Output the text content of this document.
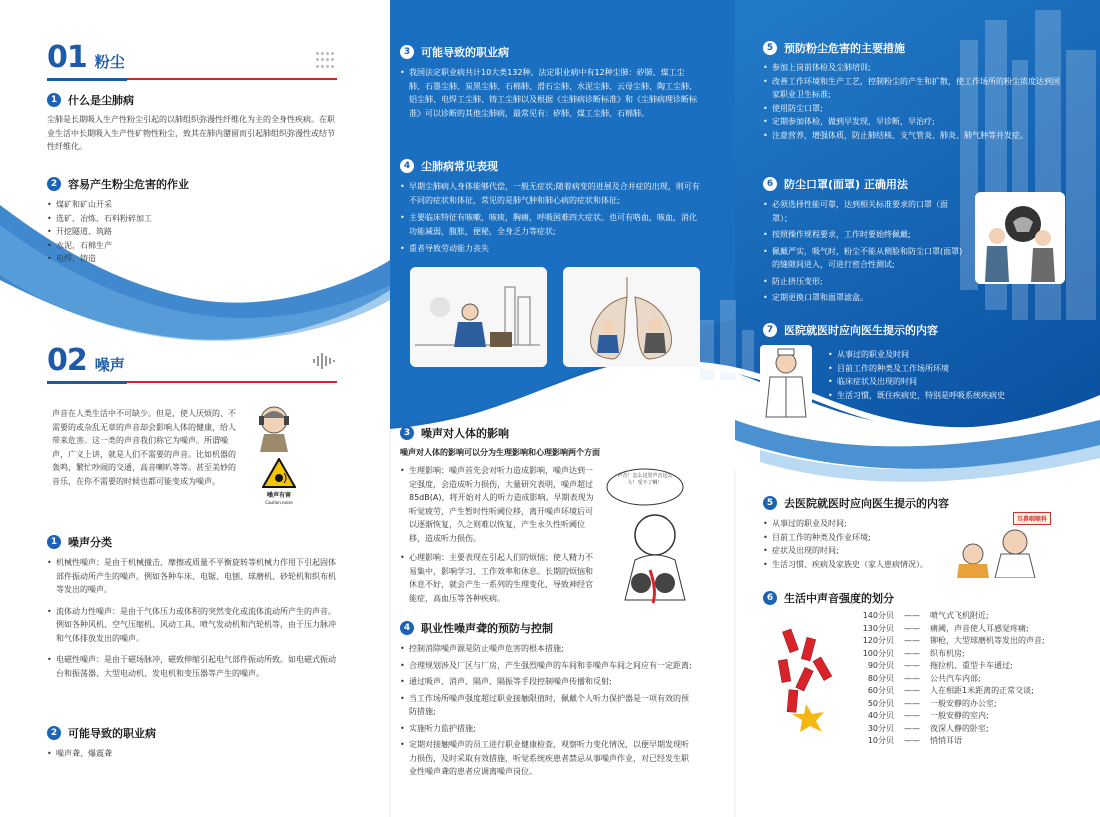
01 粉尘
1 什么是尘肺病

尘肺是长期吸入生产性粉尘引起的以肺组织弥漫性纤维化为主的全身性疾病。在职业生活中长期吸入生产性矿物性粉尘，致其在肺内潴留而引起肺组织弥漫性或结节性纤维化。

2 容易产生粉尘危害的作业
• 煤矿和矿山开采
• 选矿、冶炼、石料粉碎加工
• 开挖隧道、筑路
• 水泥，石棉生产
• 电焊，铸造
02 噪声

声音在人类生活中不可缺少。但是，使人厌烦的、不需要的或杂乱无章的声音却会影响人体的健康，给人带来危害。这一类的声音我们称它为噪声。所谓噪声，广义上讲，就是人们不需要的声音。比如机器的轰鸣，繁忙吵闹的交通，高音喇叭等等。甚至美妙的音乐，在你不需要的时候也都可能变成为噪声。

噪声有害
Caution,noise
1 噪声分类
• 机械性噪声：是由于机械撞击、摩擦或质量不平衡旋转等机械力作用下引起固体部件振动所产生的噪声。例如各种车床、电锯、电刨、球磨机、砂轮机和织布机等发出的噪声。
• 流体动力性噪声：是由于气体压力或体积的突然变化或流体流动所产生的声音。例如各种风机、空气压缩机、风动工具、喷气发动机和汽轮机等，由于压力脉冲和气体排放发出的噪声。
• 电磁性噪声：是由于磁场脉冲，磁致伸缩引起电气部件振动所致。如电磁式振动台和振荡器、大型电动机、发电机和变压器等产生的噪声。
2 可能导致的职业病
• 噪声聋、爆震聋
3 可能导致的职业病
• 我国法定职业病共计10大类132种。法定职业病中有12种尘肺：矽肺、煤工尘肺、石墨尘肺、炭黑尘肺、石棉肺、滑石尘肺、水泥尘肺、云母尘肺、陶工尘肺、铝尘肺、电焊工尘肺、铸工尘肺以及根据《尘肺病诊断标准》和《尘肺病理诊断标准》可以诊断的其他尘肺病，最常见有：矽肺、煤工尘肺、石棉肺。
4 尘肺病常见表现
• 早期尘肺病人身体能够代偿，一般无症状;随着病变的进展及合并症的出现，则可有不同的症状和体征，常见的是肺气肿和肺心病的症状和体征;
• 主要临床特征有咳嗽，咳痰，胸痛，呼吸困难四大症状。也可有咯血，咳血，消化功能减弱，腹胀，便秘，全身乏力等症状;
• 重者导致劳动能力丧失
3 噪声对人体的影响
噪声对人体的影响可以分为生理影响和心理影响两个方面
• 生理影响：噪声首先会对听力造成影响，噪声达到一定强度，会造成听力损伤，大量研究表明，噪声超过85dB(A)，将开始对人的听力造成影响。早期表现为听觉疲劳，产生暂时性听阈位移，离开噪声环境后可以逐渐恢复，久之则难以恢复，产生永久性听阈位移，造成听力损伤。
• 心理影响：主要表现在引起人们的烦恼；使人精力不易集中，影响学习、工作效率和休息。长期的烦恼和休息不好，就会产生一系列的生理变化，导致神经官能症，高血压等各种疾病。
声音！怎么这里声音这么大！受不了啊！
4 职业性噪声聋的预防与控制
• 控制消除噪声源是防止噪声危害的根本措施;
• 合理规划涉及厂区与厂房，产生强烈噪声的车间和非噪声车间之间应有一定距离;
• 通过吸声、消声、隔声、隔振等手段控制噪声传播和反射;
• 当工作场所噪声强度超过职业接触限值时，佩戴个人听力保护器是一项有效的预防措施;
• 实施听力监护措施;
• 定期对接触噪声的员工进行职业健康检查，观察听力变化情况，以便早期发现听力损伤，及时采取有效措施，听觉系统疾患者禁忌从事噪声作业，对已经发生职业性噪声聋的患者应调离噪声岗位。
5 预防粉尘危害的主要措施
• 参加上岗前体检及尘肺培训;
• 改善工作环境和生产工艺，控制粉尘的产生和扩散，使工作场所的粉尘浓度达到国家职业卫生标准;
• 使用防尘口罩;
• 定期参加体检，做到早发现，早诊断，早治疗;
• 注意营养，增强体质，防止肺结核、支气管炎、肺炎、肺气肿等并发症。
6 防尘口罩(面罩) 正确用法
• 必须选择性能可靠，达到相关标准要求的口罩（面罩）；
• 按照操作规程要求，工作时要始终佩戴;
• 佩戴严实，吸气时，粉尘不能从侧脸和防尘口罩(面罩)的缝隙间进入，可进行密合性测试;
• 防止挤压变形;
• 定期更换口罩和面罩滤盒。
7 医院就医时应向医生提示的内容
• 从事过的职业及时间
• 目前工作的种类及工作场所环境
• 临床症状及出现的时间
• 生活习惯，既往疾病史，特别是呼吸系统疾病史
5 去医院就医时应向医生提示的内容
• 从事过的职业及时间;
• 目前工作的种类及作业环境;
• 症状及出现的时间;
• 生活习惯、疾病及家族史（家人患病情况）。
耳鼻咽喉科
6 生活中声音强度的划分
140分贝	——	喷气式飞机附近;
130分贝	——	痛阈，声音使人耳感觉疼痛;
120分贝	——	铆枪，大型球磨机等发出的声音;
100分贝	——	织布机房;
90分贝	——	拖拉机、重型卡车通过;
80分贝	——	公共汽车内部;
60分贝	——	人在相距1米距离的正常交谈;
50分贝	——	一般安静的办公室;
40分贝	——	一般安静的室内;
30分贝	——	夜深人静的卧室;
10分贝	——	悄悄耳语
